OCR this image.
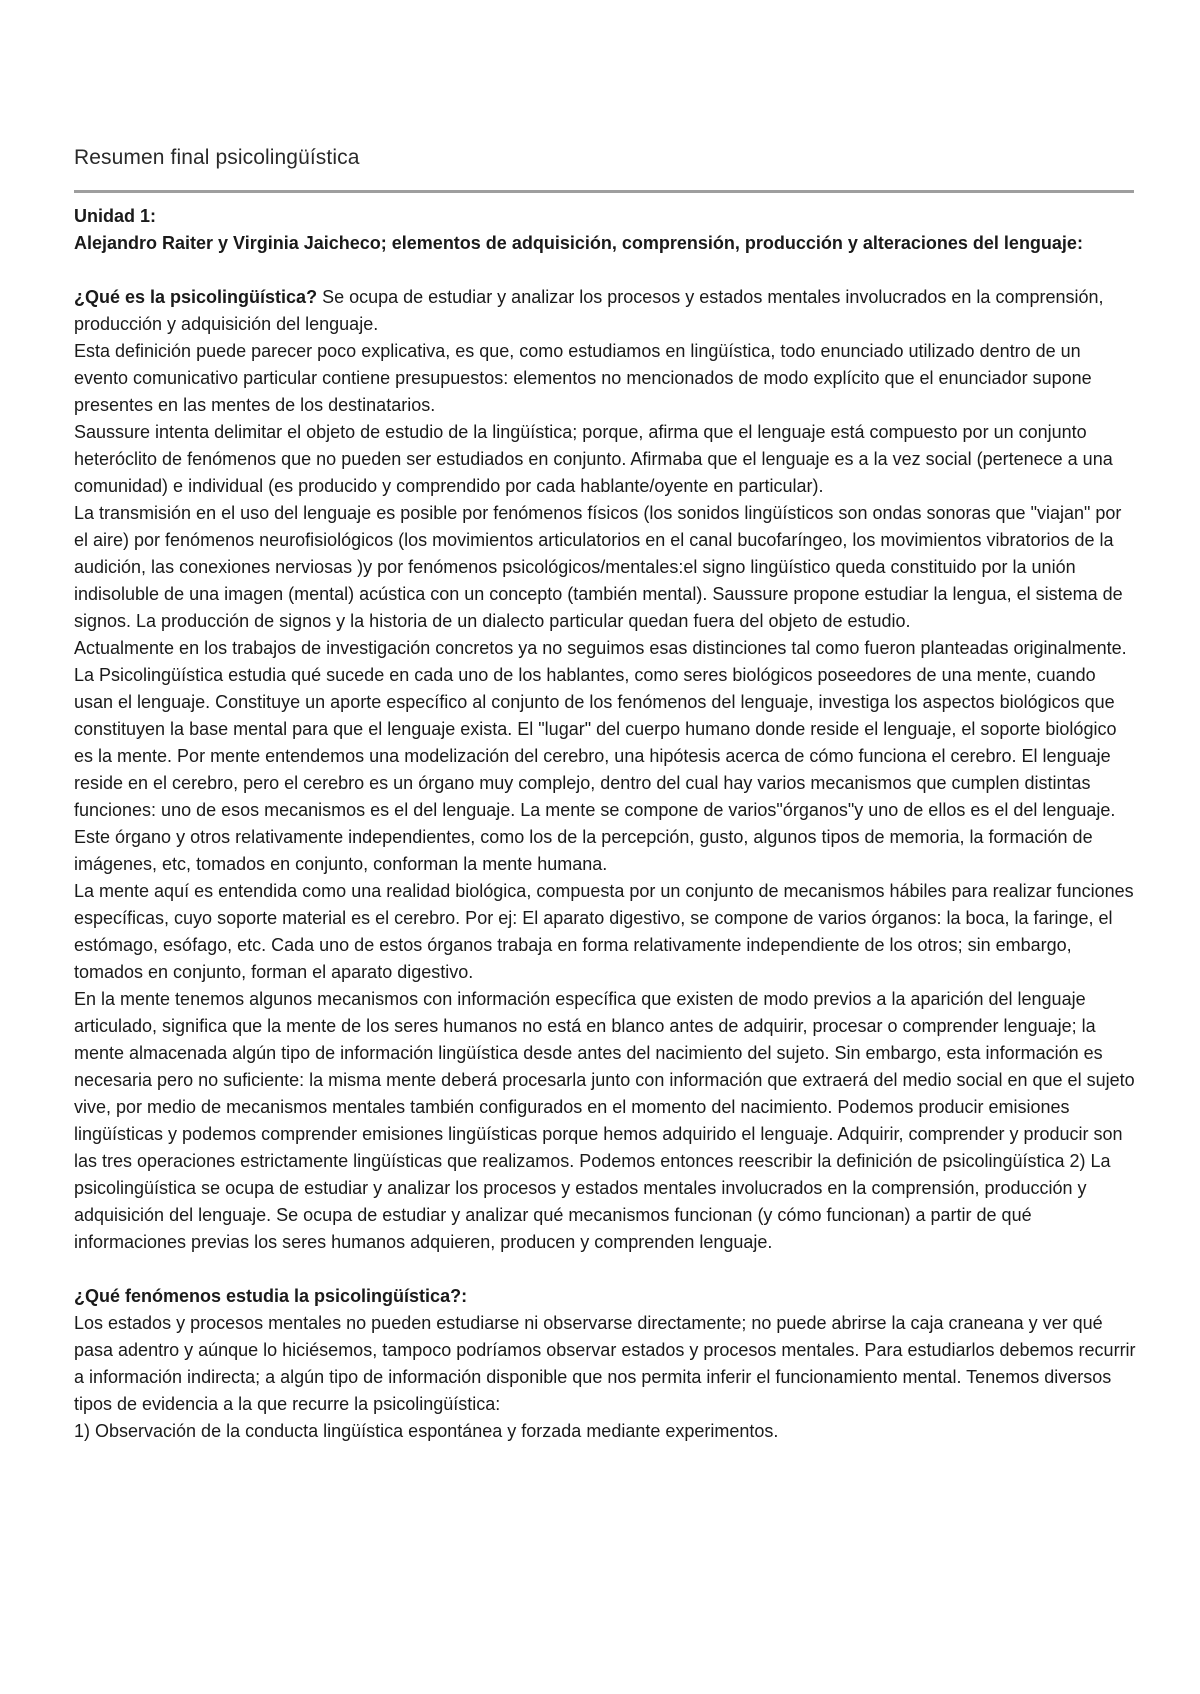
Resumen final psicolingüística

Unidad 1:

Alejandro Raiter y Virginia Jaicheco; elementos de adquisición, comprensión, producción y alteraciones del lenguaje:

¿Qué es la psicolingüística? Se ocupa de estudiar y analizar los procesos y estados mentales involucrados en la comprensión, producción y adquisición del lenguaje.

Esta definición puede parecer poco explicativa, es que, como estudiamos en lingüística, todo enunciado utilizado dentro de un evento comunicativo particular contiene presupuestos: elementos no mencionados de modo explícito que el enunciador supone presentes en las mentes de los destinatarios.

Saussure intenta delimitar el objeto de estudio de la lingüística; porque, afirma que el lenguaje está compuesto por un conjunto heteróclito de fenómenos que no pueden ser estudiados en conjunto. Afirmaba que el lenguaje es a la vez social (pertenece a una comunidad) e individual (es producido y comprendido por cada hablante/oyente en particular).

La transmisión en el uso del lenguaje es posible por fenómenos físicos (los sonidos lingüísticos son ondas sonoras que "viajan" por el aire) por fenómenos neurofisiológicos (los movimientos articulatorios en el canal bucofaríngeo, los movimientos vibratorios de la audición, las conexiones nerviosas )y por fenómenos psicológicos/mentales:el signo lingüístico queda constituido por la unión indisoluble de una imagen (mental) acústica con un concepto (también mental). Saussure propone estudiar la lengua, el sistema de signos. La producción de signos y la historia de un dialecto particular quedan fuera del objeto de estudio.

Actualmente en los trabajos de investigación concretos ya no seguimos esas distinciones tal como fueron planteadas originalmente. La Psicolingüística estudia qué sucede en cada uno de los hablantes, como seres biológicos poseedores de una mente, cuando usan el lenguaje. Constituye un aporte específico al conjunto de los fenómenos del lenguaje, investiga los aspectos biológicos que constituyen la base mental para que el lenguaje exista. El "lugar" del cuerpo humano donde reside el lenguaje, el soporte biológico es la mente. Por mente entendemos una modelización del cerebro, una hipótesis acerca de cómo funciona el cerebro. El lenguaje reside en el cerebro, pero el cerebro es un órgano muy complejo, dentro del cual hay varios mecanismos que cumplen distintas funciones: uno de esos mecanismos es el del lenguaje. La mente se compone de varios"órganos"y uno de ellos es el del lenguaje. Este órgano y otros relativamente independientes, como los de la percepción, gusto, algunos tipos de memoria, la formación de imágenes, etc, tomados en conjunto, conforman la mente humana.

La mente aquí es entendida como una realidad biológica, compuesta por un conjunto de mecanismos hábiles para realizar funciones específicas, cuyo soporte material es el cerebro. Por ej: El aparato digestivo, se compone de varios órganos: la boca, la faringe, el estómago, esófago, etc. Cada uno de estos órganos trabaja en forma relativamente independiente de los otros; sin embargo, tomados en conjunto, forman el aparato digestivo.

En la mente tenemos algunos mecanismos con información específica que existen de modo previos a la aparición del lenguaje articulado, significa que la mente de los seres humanos no está en blanco antes de adquirir, procesar o comprender lenguaje; la mente almacenada algún tipo de información lingüística desde antes del nacimiento del sujeto. Sin embargo, esta información es necesaria pero no suficiente: la misma mente deberá procesarla junto con información que extraerá del medio social en que el sujeto vive, por medio de mecanismos mentales también configurados en el momento del nacimiento. Podemos producir emisiones lingüísticas y podemos comprender emisiones lingüísticas porque hemos adquirido el lenguaje. Adquirir, comprender y producir son las tres operaciones estrictamente lingüísticas que realizamos. Podemos entonces reescribir la definición de psicolingüística 2) La psicolingüística se ocupa de estudiar y analizar los procesos y estados mentales involucrados en la comprensión, producción y adquisición del lenguaje. Se ocupa de estudiar y analizar qué mecanismos funcionan (y cómo funcionan) a partir de qué informaciones previas los seres humanos adquieren, producen y comprenden lenguaje.

¿Qué fenómenos estudia la psicolingüística?:

Los estados y procesos mentales no pueden estudiarse ni observarse directamente; no puede abrirse la caja craneana y ver qué pasa adentro y aúnque lo hiciésemos, tampoco podríamos observar estados y procesos mentales. Para estudiarlos debemos recurrir a información indirecta; a algún tipo de información disponible que nos permita inferir el funcionamiento mental. Tenemos diversos tipos de evidencia a la que recurre la psicolingüística:

1) Observación de la conducta lingüística espontánea y forzada mediante experimentos.
